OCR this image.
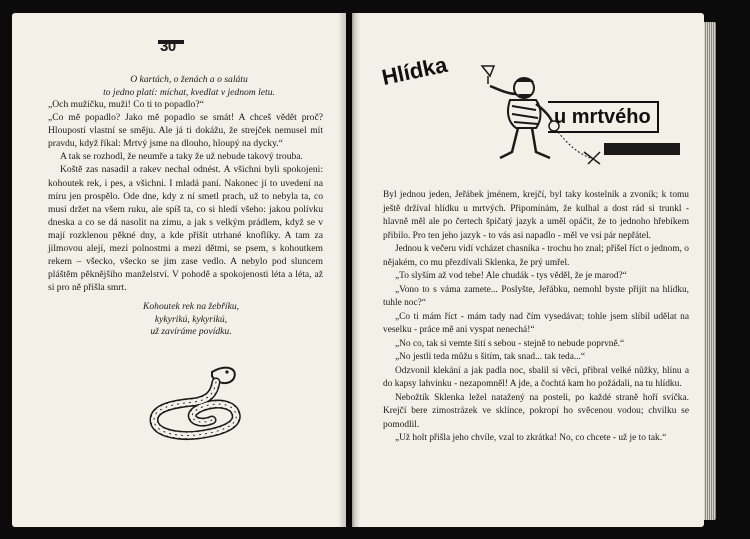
30
O kartách, o ženách a o salátu
to jedno platí: míchat, kvedlat v jednom letu.

„Och mužíčku, muži! Co ti to popadlo?“

„Co mě popadlo? Jako mě popadlo se smát! A chceš vědět proč? Hloupostí vlastní se směju. Ale já ti dokážu, že strejček nemusel mít pravdu, když říkal: Mrtvý jsme na dlouho, hloupý na dycky.“

A tak se rozhodl, že neumře a taky že už nebude takový trouba.

Koště zas nasadil a rakev nechal odnést. A všichni byli spokojeni: kohoutek rek, i pes, a všichni. I mladá paní. Nakonec jí to uvedení na míru jen prospělo. Ode dne, kdy z ní smetl prach, už to nebyla ta, co musí držet na všem ruku, ale spíš ta, co si hledí všeho: jakou polívku dneska a co se dá nasolit na zimu, a jak s velkým prádlem, když se v mají rozklenou pěkné dny, a kde přišít utrhané knoflíky. A tam za jilmovou alejí, mezi polnostmi a mezi dětmi, se psem, s kohoutkem rekem – všecko, všecko se jim zase vedlo. A nebylo pod sluncem pláštěm pěknějšího manželství. V pohodě a spokojenosti léta a léta, až si pro ně přišla smrt.

Kohoutek rek na žebříku,
kykyrikú, kykyrikú,
už zavíráme povídku.
Hlídka
u mrtvého

Byl jednou jeden, Jeřábek jménem, krejčí, byl taky kostelník a zvoník; k tomu ještě držíval hlídku u mrtvých. Připomínám, že kulhal a dost rád si trunkl - hlavně měl ale po čertech špičatý jazyk a uměl opáčit, že to jednoho hřebíkem přibilo. Pro ten jeho jazyk - to vás asi napadlo - měl ve vsi pár nepřátel.

Jednou k večeru vidí vcházet chasníka - trochu ho znal; přišel říct o jednom, o nějakém, co mu přezdívali Sklenka, že prý umřel.

„To slyším až vod tebe! Ale chudák - tys věděl, že je marod?“

„Vono to s váma zamete... Poslyšte, Jeřábku, nemohl byste přijít na hlídku, tuhle noc?“

„Co ti mám říct - mám tady nad čím vysedávat; tohle jsem slíbil udělat na veselku - práce mě ani vyspat nenechá!“

„No co, tak si vemte šití s sebou - stejně to nebude poprvně.“

„No jestli teda můžu s šitím, tak snad... tak teda...“

Odzvonil klekání a jak padla noc, sbalil si věci, přibral velké nůžky, hlínu a do kapsy lahvinku - nezapomněl! A jde, a čochtá kam ho požádali, na tu hlídku.

Nebožtík Sklenka ležel natažený na posteli, po každé straně hoří svíčka. Krejčí bere zimostrázek ve sklínce, pokropí ho svěcenou vodou; chvilku se pomodlil.

„Už holt přišla jeho chvíle, vzal to zkrátka! No, co chcete - už je to tak.“
